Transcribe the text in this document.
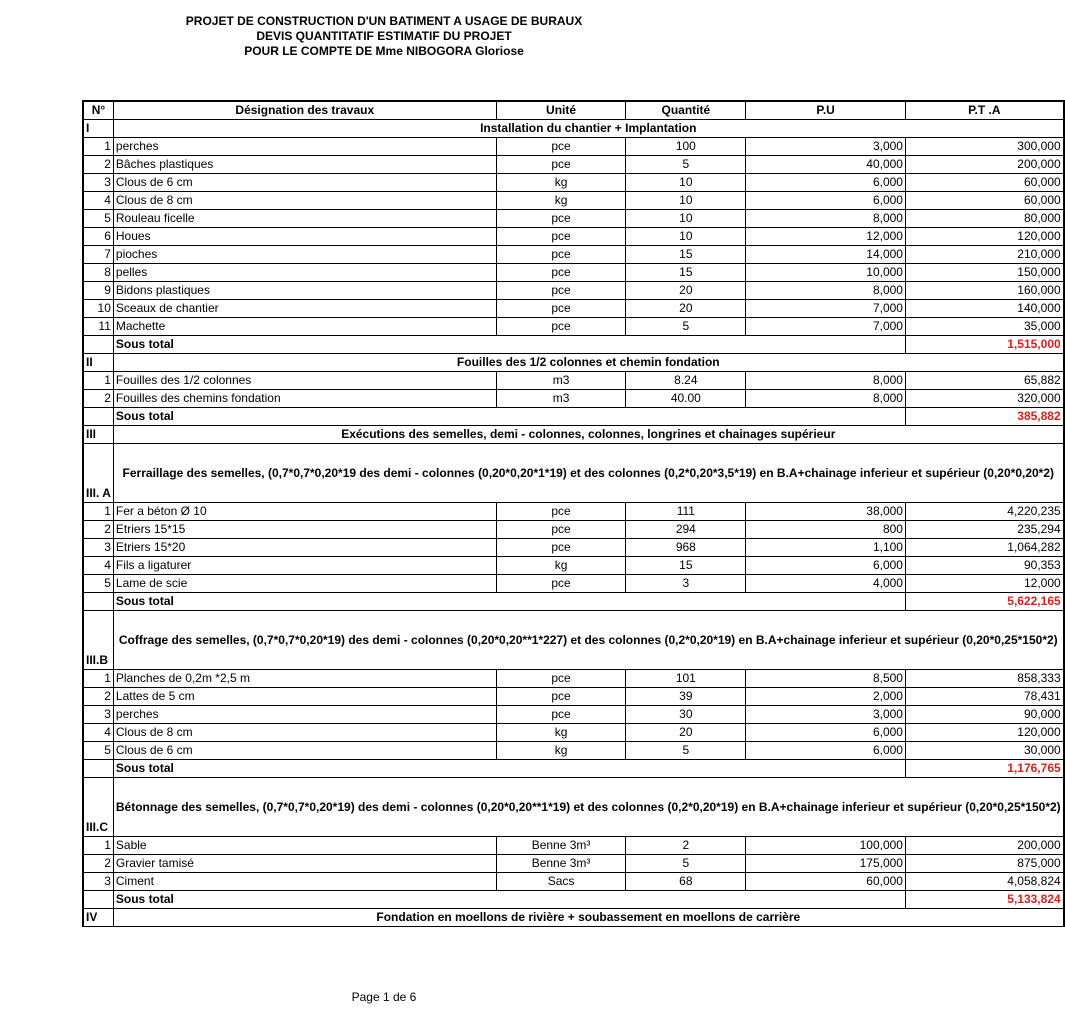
PROJET DE CONSTRUCTION D'UN BATIMENT A USAGE DE BURAUX
DEVIS QUANTITATIF ESTIMATIF DU PROJET
POUR LE COMPTE DE Mme NIBOGORA Gloriose
N°	Désignation des travaux	Unité	Quantité	P.U	P.T .A
I	Installation du chantier + Implantation				
1	perches	pce	100	3,000	300,000
2	Bâches plastiques	pce	5	40,000	200,000
3	Clous de 6 cm	kg	10	6,000	60,000
4	Clous de 8 cm	kg	10	6,000	60,000
5	Rouleau ficelle	pce	10	8,000	80,000
6	Houes	pce	10	12,000	120,000
7	pioches	pce	15	14,000	210,000
8	pelles	pce	15	10,000	150,000
9	Bidons plastiques	pce	20	8,000	160,000
10	Sceaux de chantier	pce	20	7,000	140,000
11	Machette	pce	5	7,000	35,000
	Sous total				1,515,000
II	Fouilles des 1/2 colonnes et chemin fondation				
1	Fouilles des 1/2 colonnes	m3	8.24	8,000	65,882
2	Fouilles des chemins fondation	m3	40.00	8,000	320,000
	Sous total				385,882
III	Exécutions des semelles, demi - colonnes, colonnes, longrines et chainages supérieur				
III. A	Ferraillage des semelles, (0,7*0,7*0,20*19 des demi - colonnes (0,20*0,20*1*19) et des colonnes (0,2*0,20*3,5*19) en B.A+chainage inferieur et supérieur (0,20*0,20*2)				
1	Fer a béton Ø 10	pce	111	38,000	4,220,235
2	Etriers 15*15	pce	294	800	235,294
3	Etriers 15*20	pce	968	1,100	1,064,282
4	Fils a ligaturer	kg	15	6,000	90,353
5	Lame de scie	pce	3	4,000	12,000
	Sous total				5,622,165
III.B	Coffrage des semelles, (0,7*0,7*0,20*19) des demi - colonnes (0,20*0,20**1*227) et des colonnes (0,2*0,20*19) en B.A+chainage inferieur et supérieur (0,20*0,25*150*2)				
1	Planches de 0,2m *2,5 m	pce	101	8,500	858,333
2	Lattes de 5 cm	pce	39	2,000	78,431
3	perches	pce	30	3,000	90,000
4	Clous de 8 cm	kg	20	6,000	120,000
5	Clous de 6 cm	kg	5	6,000	30,000
	Sous total				1,176,765
III.C	Bétonnage des semelles, (0,7*0,7*0,20*19) des demi - colonnes (0,20*0,20**1*19) et des colonnes (0,2*0,20*19) en B.A+chainage inferieur et supérieur (0,20*0,25*150*2)				
1	Sable	Benne 3m³	2	100,000	200,000
2	Gravier tamisé	Benne 3m³	5	175,000	875,000
3	Ciment	Sacs	68	60,000	4,058,824
	Sous total				5,133,824
IV	Fondation en moellons de rivière + soubassement en moellons de carrière				
Page 1 de 6
